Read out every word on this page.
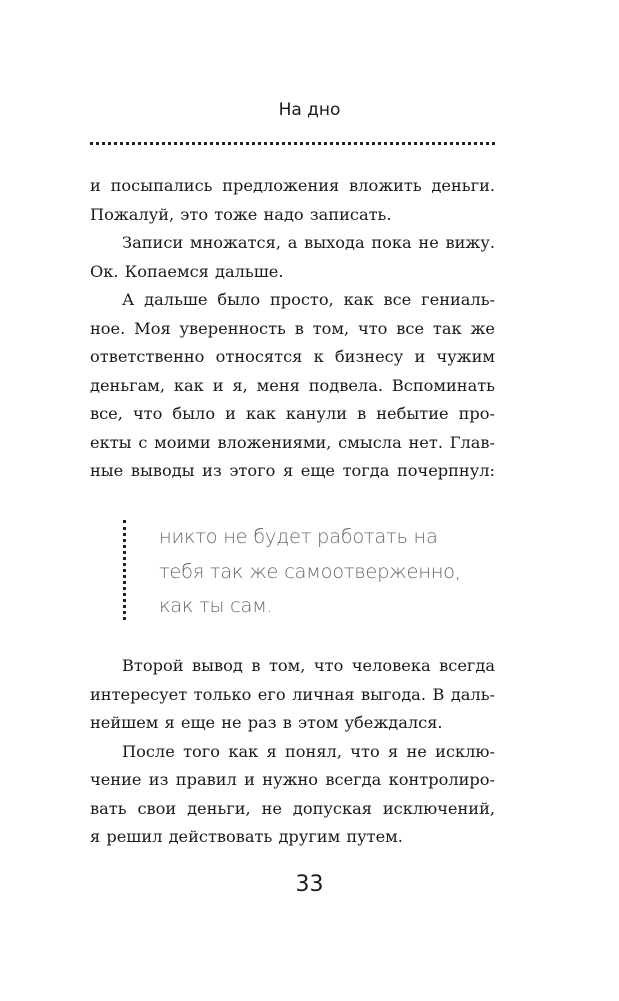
На дно
и посыпались предложения вложить деньги.
Пожалуй, это тоже надо записать.
Записи множатся, а выхода пока не вижу.
Ок. Копаемся дальше.
А дальше было просто, как все гениаль-
ное. Моя уверенность в том, что все так же
ответственно относятся к бизнесу и чужим
деньгам, как и я, меня подвела. Вспоминать
все, что было и как канули в небытие про-
екты с моими вложениями, смысла нет. Глав-
ные выводы из этого я еще тогда почерпнул:
никто не будет работать на
тебя так же самоотверженно,
как ты сам.
Второй вывод в том, что человека всегда
интересует только его личная выгода. В даль-
нейшем я еще не раз в этом убеждался.
После того как я понял, что я не исклю-
чение из правил и нужно всегда контролиро-
вать свои деньги, не допуская исключений,
я решил действовать другим путем.
33
